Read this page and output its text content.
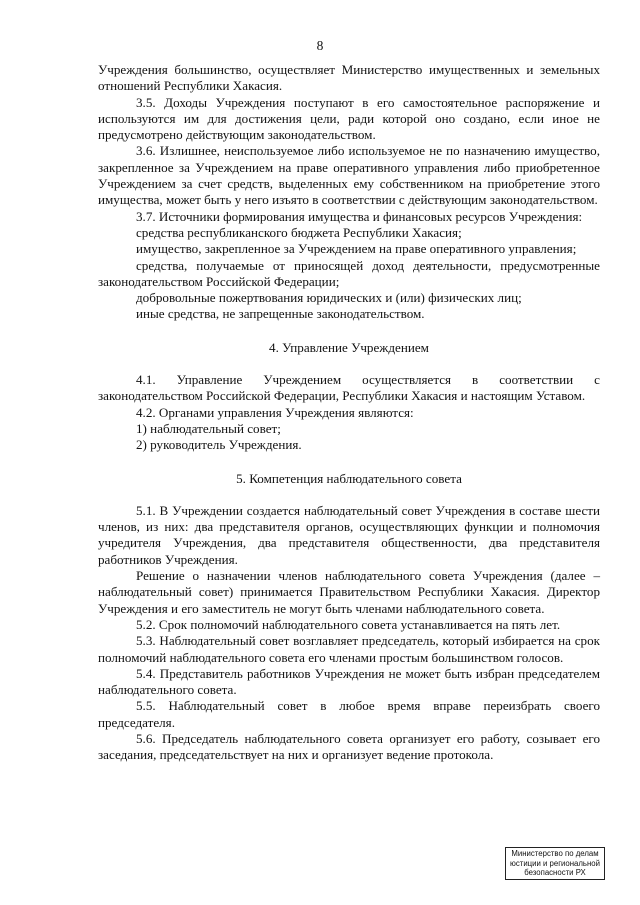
8

Учреждения большинство, осуществляет Министерство имущественных и земельных отношений Республики Хакасия.

3.5. Доходы Учреждения поступают в его самостоятельное распоряжение и используются им для достижения цели, ради которой оно создано, если иное не предусмотрено действующим законодательством.

3.6. Излишнее, неиспользуемое либо используемое не по назначению имущество, закрепленное за Учреждением на праве оперативного управления либо приобретенное Учреждением за счет средств, выделенных ему собственником на приобретение этого имущества, может быть у него изъято в соответствии с действующим законодательством.

3.7. Источники формирования имущества и финансовых ресурсов Учреждения:

средства республиканского бюджета Республики Хакасия;

имущество, закрепленное за Учреждением на праве оперативного управления;

средства, получаемые от приносящей доход деятельности, предусмотренные законодательством Российской Федерации;

добровольные пожертвования юридических и (или) физических лиц;

иные средства, не запрещенные законодательством.

4. Управление Учреждением

4.1. Управление Учреждением осуществляется в соответствии с законодательством Российской Федерации, Республики Хакасия и настоящим Уставом.

4.2. Органами управления Учреждения являются:

1) наблюдательный совет;

2) руководитель Учреждения.

5. Компетенция наблюдательного совета

5.1. В Учреждении создается наблюдательный совет Учреждения в составе шести членов, из них: два представителя органов, осуществляющих функции и полномочия учредителя Учреждения, два представителя общественности, два представителя работников Учреждения.

Решение о назначении членов наблюдательного совета Учреждения (далее – наблюдательный совет) принимается Правительством Республики Хакасия. Директор Учреждения и его заместитель не могут быть членами наблюдательного совета.

5.2. Срок полномочий наблюдательного совета устанавливается на пять лет.

5.3. Наблюдательный совет возглавляет председатель, который избирается на срок полномочий наблюдательного совета его членами простым большинством голосов.

5.4. Представитель работников Учреждения не может быть избран председателем наблюдательного совета.

5.5. Наблюдательный совет в любое время вправе переизбрать своего председателя.

5.6. Председатель наблюдательного совета организует его работу, созывает его заседания, председательствует на них и организует ведение протокола.

Министерство по делам
юстиции и региональной
безопасности РХ
